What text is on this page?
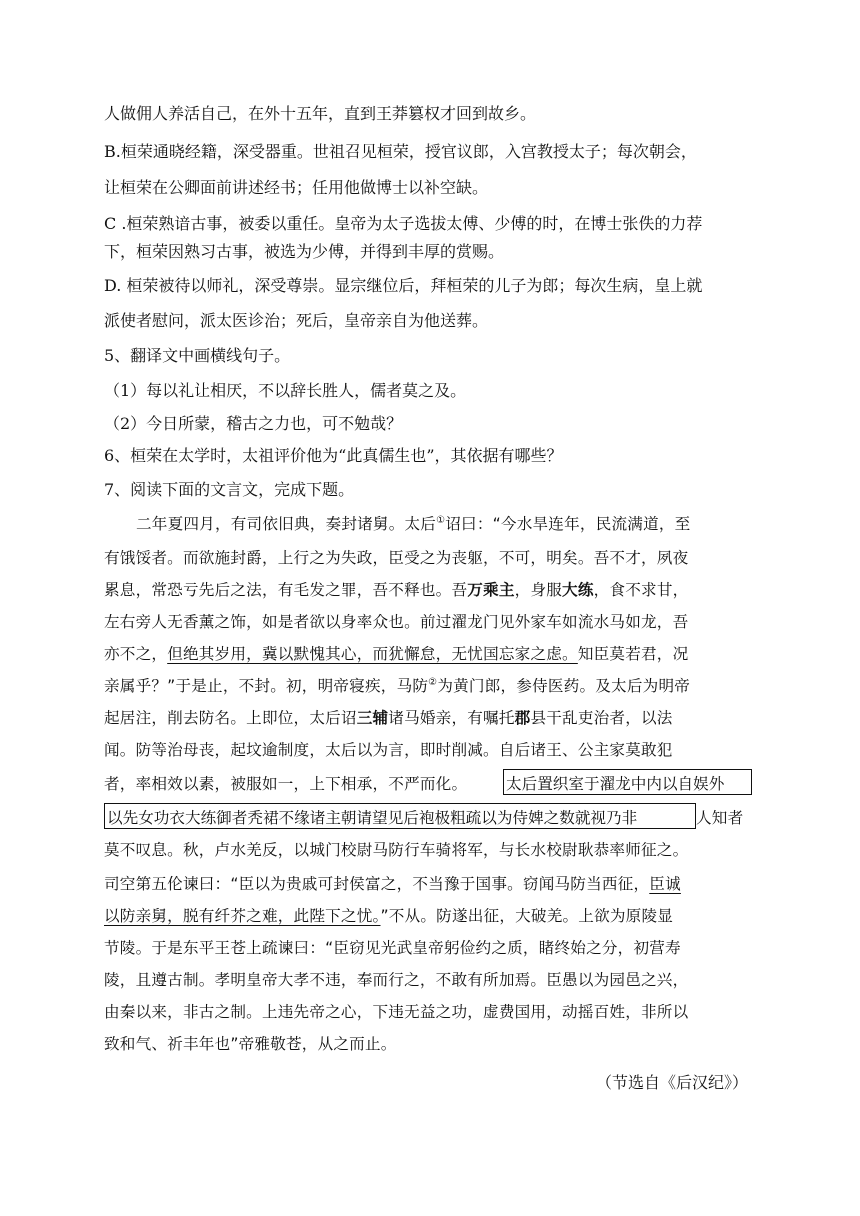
人做佣人养活自己，在外十五年，直到王莽篡权才回到故乡。
B.桓荣通晓经籍，深受器重。世祖召见桓荣，授官议郎，入宫教授太子；每次朝会，
让桓荣在公卿面前讲述经书；任用他做博士以补空缺。
C .桓荣熟谙古事，被委以重任。皇帝为太子选拔太傅、少傅的时，在博士张佚的力荐
下，桓荣因熟习古事，被选为少傅，并得到丰厚的赏赐。
D. 桓荣被待以师礼，深受尊崇。显宗继位后，拜桓荣的儿子为郎；每次生病，皇上就
派使者慰问，派太医诊治；死后，皇帝亲自为他送葬。
5、翻译文中画横线句子。
（1）每以礼让相厌，不以辞长胜人，儒者莫之及。
（2）今日所蒙，稽古之力也，可不勉哉？
6、桓荣在太学时，太祖评价他为“此真儒生也”，其依据有哪些？
7、阅读下面的文言文，完成下题。
二年夏四月，有司依旧典，奏封诸舅。太后①诏曰：“今水旱连年，民流满道，至
有饿馁者。而欲施封爵，上行之为失政，臣受之为丧躯，不可，明矣。吾不才，夙夜
累息，常恐亏先后之法，有毛发之罪，吾不释也。吾万乘主，身服大练，食不求甘，
左右旁人无香薰之饰，如是者欲以身率众也。前过濯龙门见外家车如流水马如龙，吾
亦不之，但绝其岁用，冀以默愧其心，而犹懈怠，无忧国忘家之虑。知臣莫若君，况
亲属乎？”于是止，不封。初，明帝寝疾，马防②为黄门郎，参侍医药。及太后为明帝
起居注，削去防名。上即位，太后诏三辅诸马婚亲，有嘱托郡县干乱吏治者，以法
闻。防等治母丧，起坟逾制度，太后以为言，即时削减。自后诸王、公主家莫敢犯
者，率相效以素，被服如一，上下相承，不严而化。	太后置织室于濯龙中内以自娱外
以先女功衣大练御者秃裙不缘诸主朝请望见后袍极粗疏以为侍婢之数就视乃非	人知者
莫不叹息。秋，卢水羌反，以城门校尉马防行车骑将军，与长水校尉耿恭率师征之。
司空第五伦谏曰：“臣以为贵戚可封侯富之，不当豫于国事。窃闻马防当西征，臣诚
以防亲舅，脱有纤芥之难，此陛下之忧。”不从。防遂出征，大破羌。上欲为原陵显
节陵。于是东平王苍上疏谏曰：“臣窃见光武皇帝躬俭约之质，睹终始之分，初营寿
陵，且遵古制。孝明皇帝大孝不违，奉而行之，不敢有所加焉。臣愚以为园邑之兴，
由秦以来，非古之制。上违先帝之心，下违无益之功，虚费国用，动摇百姓，非所以
致和气、祈丰年也”帝雅敬苍，从之而止。
（节选自《后汉纪》）
